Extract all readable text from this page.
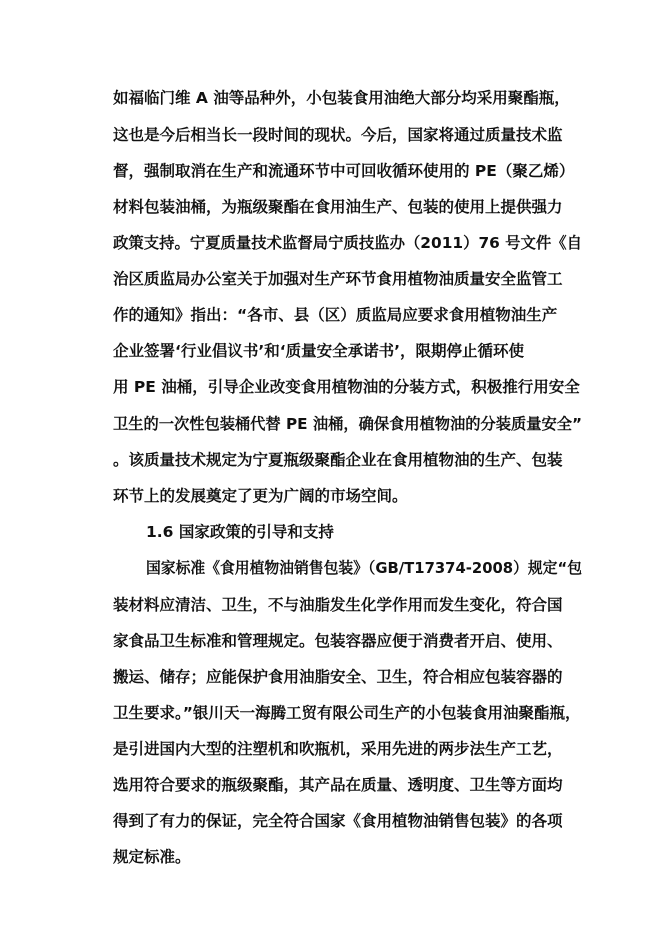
如福临门维 A 油等品种外，小包装食用油绝大部分均采用聚酯瓶，
这也是今后相当长一段时间的现状。今后，国家将通过质量技术监
督，强制取消在生产和流通环节中可回收循环使用的 PE（聚乙烯）
材料包装油桶，为瓶级聚酯在食用油生产、包装的使用上提供强力
政策支持。宁夏质量技术监督局宁质技监办（2011）76 号文件《自
治区质监局办公室关于加强对生产环节食用植物油质量安全监管工
作的通知》指出：“各市、县（区）质监局应要求食用植物油生产
企业签署‘行业倡议书’和‘质量安全承诺书’，限期停止循环使
用 PE 油桶，引导企业改变食用植物油的分装方式，积极推行用安全
卫生的一次性包装桶代替 PE 油桶，确保食用植物油的分装质量安全”
。该质量技术规定为宁夏瓶级聚酯企业在食用植物油的生产、包装
环节上的发展奠定了更为广阔的市场空间。
1.6 国家政策的引导和支持
国家标准《食用植物油销售包装》（GB/T17374-2008）规定“包
装材料应清洁、卫生，不与油脂发生化学作用而发生变化，符合国
家食品卫生标准和管理规定。包装容器应便于消费者开启、使用、
搬运、储存；应能保护食用油脂安全、卫生，符合相应包装容器的
卫生要求。”银川天一海腾工贸有限公司生产的小包装食用油聚酯瓶，
是引进国内大型的注塑机和吹瓶机，采用先进的两步法生产工艺，
选用符合要求的瓶级聚酯，其产品在质量、透明度、卫生等方面均
得到了有力的保证，完全符合国家《食用植物油销售包装》的各项
规定标准。
